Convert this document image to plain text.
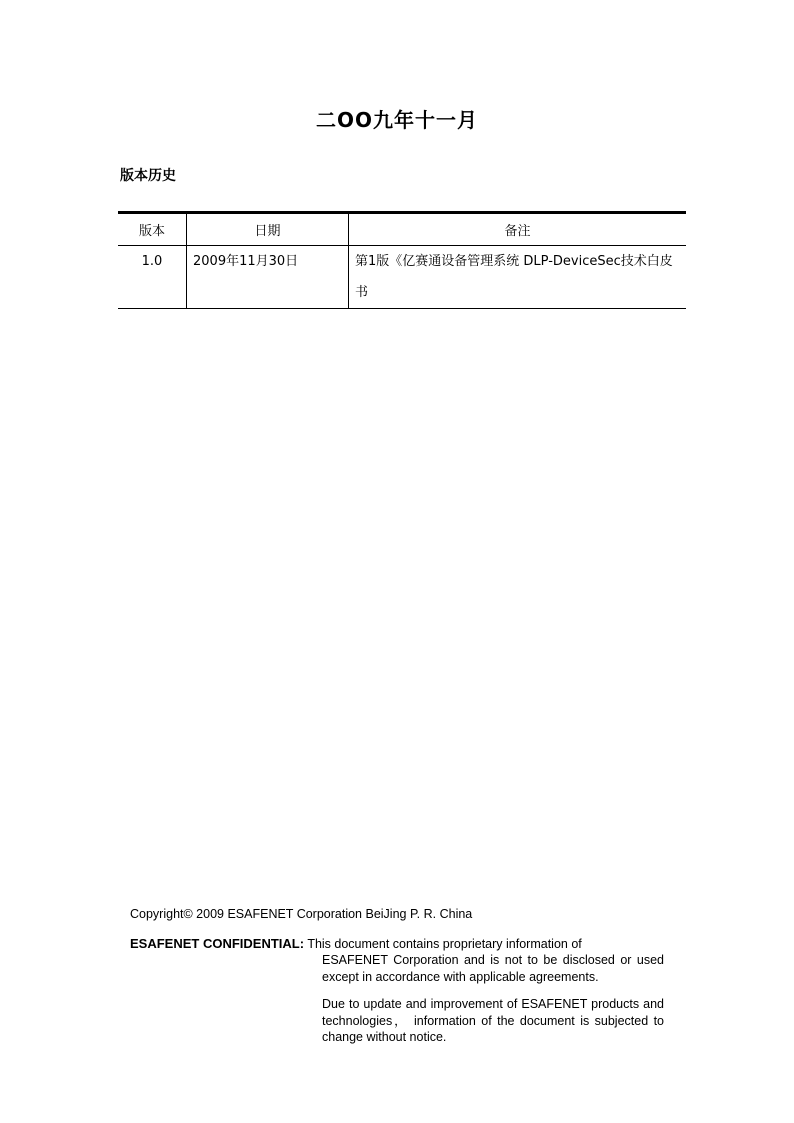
二OO九年十一月
版本历史
版本	日期	备注
1.0	2009年11月30日	第1版《亿赛通设备管理系统 DLP-DeviceSec技术白皮书
Copyright© 2009 ESAFENET Corporation BeiJing P. R. China
ESAFENET CONFIDENTIAL: This document contains proprietary information of
ESAFENET Corporation and is not to be disclosed or used except in accordance with applicable agreements.
Due to update and improvement of ESAFENET products and technologies， information of the document is subjected to change without notice.
